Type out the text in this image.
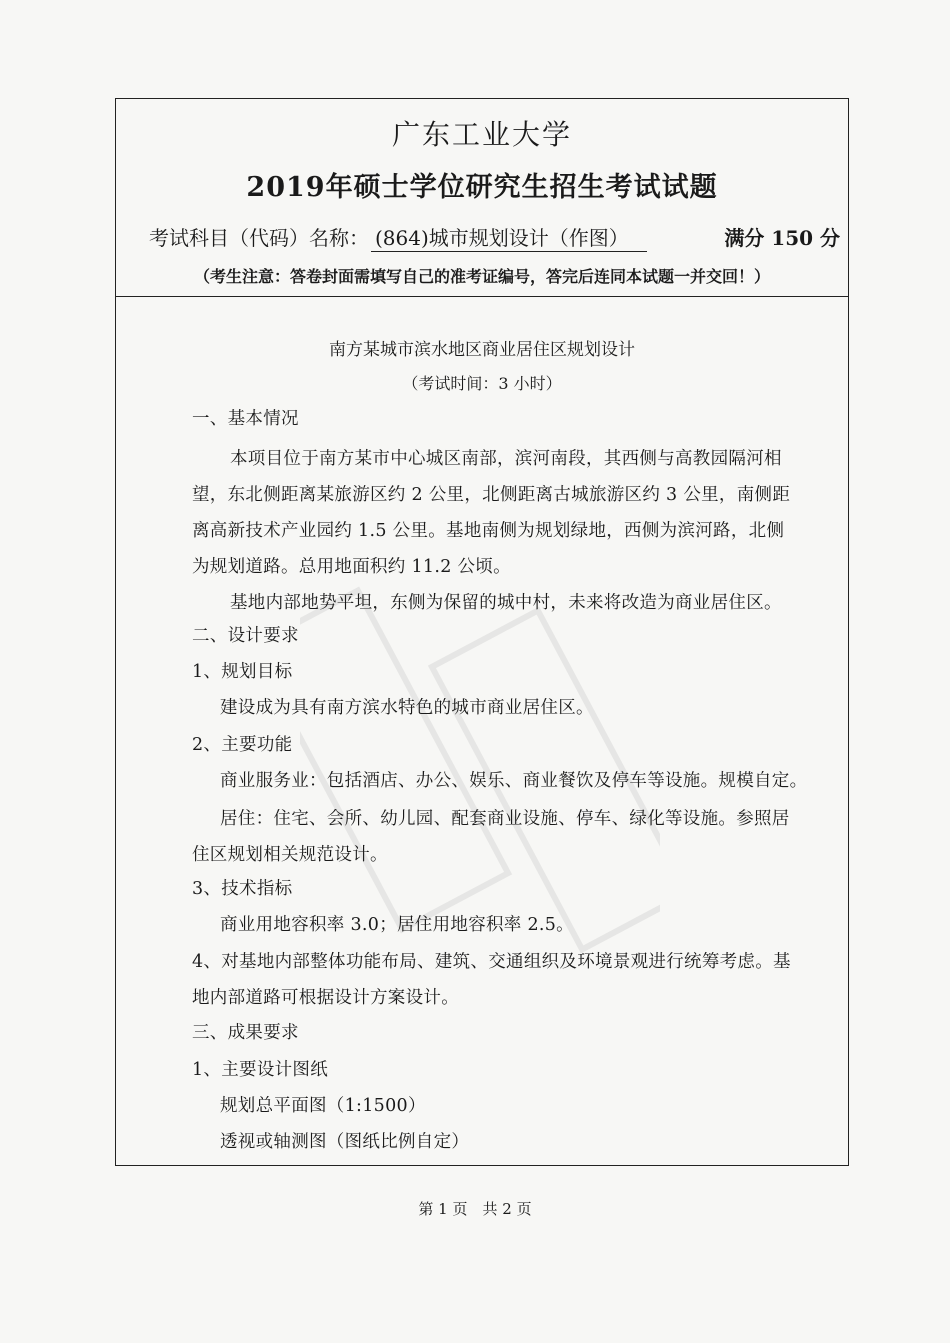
广东工业大学
2019年硕士学位研究生招生考试试题
考试科目（代码）名称： (864)城市规划设计（作图）	满分 150 分
（考生注意：答卷封面需填写自己的准考证编号，答完后连同本试题一并交回！）
南方某城市滨水地区商业居住区规划设计
（考试时间：3 小时）
一、基本情况
本项目位于南方某市中心城区南部，滨河南段，其西侧与高教园隔河相
望，东北侧距离某旅游区约 2 公里，北侧距离古城旅游区约 3 公里，南侧距
离高新技术产业园约 1.5 公里。基地南侧为规划绿地，西侧为滨河路，北侧
为规划道路。总用地面积约 11.2 公顷。
基地内部地势平坦，东侧为保留的城中村，未来将改造为商业居住区。
二、设计要求
1、规划目标
建设成为具有南方滨水特色的城市商业居住区。
2、主要功能
商业服务业：包括酒店、办公、娱乐、商业餐饮及停车等设施。规模自定。
居住：住宅、会所、幼儿园、配套商业设施、停车、绿化等设施。参照居
住区规划相关规范设计。
3、技术指标
商业用地容积率 3.0；居住用地容积率 2.5。
4、对基地内部整体功能布局、建筑、交通组织及环境景观进行统筹考虑。基
地内部道路可根据设计方案设计。
三、成果要求
1、主要设计图纸
规划总平面图（1:1500）
透视或轴测图（图纸比例自定）
第 1 页　共 2 页
